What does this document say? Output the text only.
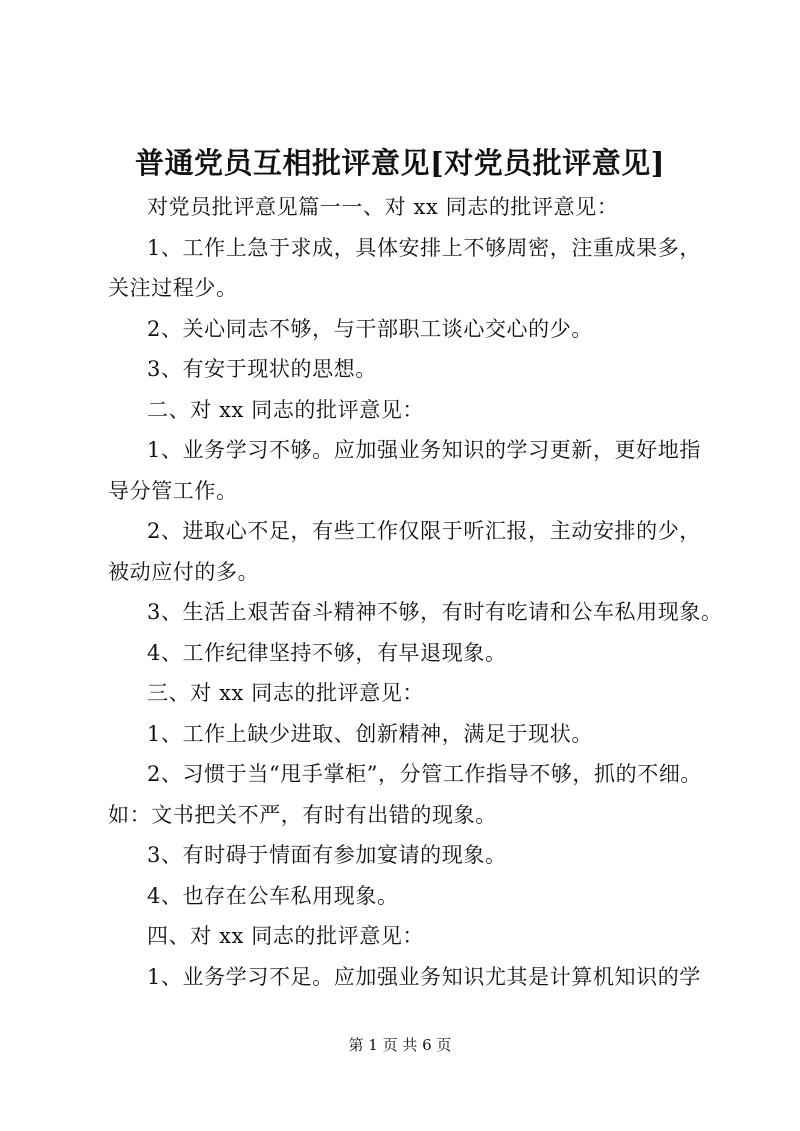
普通党员互相批评意见[对党员批评意见]
对党员批评意见篇一一、对 xx 同志的批评意见：
1、工作上急于求成，具体安排上不够周密，注重成果多，
关注过程少。
2、关心同志不够，与干部职工谈心交心的少。
3、有安于现状的思想。
二、对 xx 同志的批评意见：
1、业务学习不够。应加强业务知识的学习更新，更好地指
导分管工作。
2、进取心不足，有些工作仅限于听汇报，主动安排的少，
被动应付的多。
3、生活上艰苦奋斗精神不够，有时有吃请和公车私用现象。
4、工作纪律坚持不够，有早退现象。
三、对 xx 同志的批评意见：
1、工作上缺少进取、创新精神，满足于现状。
2、习惯于当“甩手掌柜”，分管工作指导不够，抓的不细。
如：文书把关不严，有时有出错的现象。
3、有时碍于情面有参加宴请的现象。
4、也存在公车私用现象。
四、对 xx 同志的批评意见：
1、业务学习不足。应加强业务知识尤其是计算机知识的学
第 1 页 共 6 页
